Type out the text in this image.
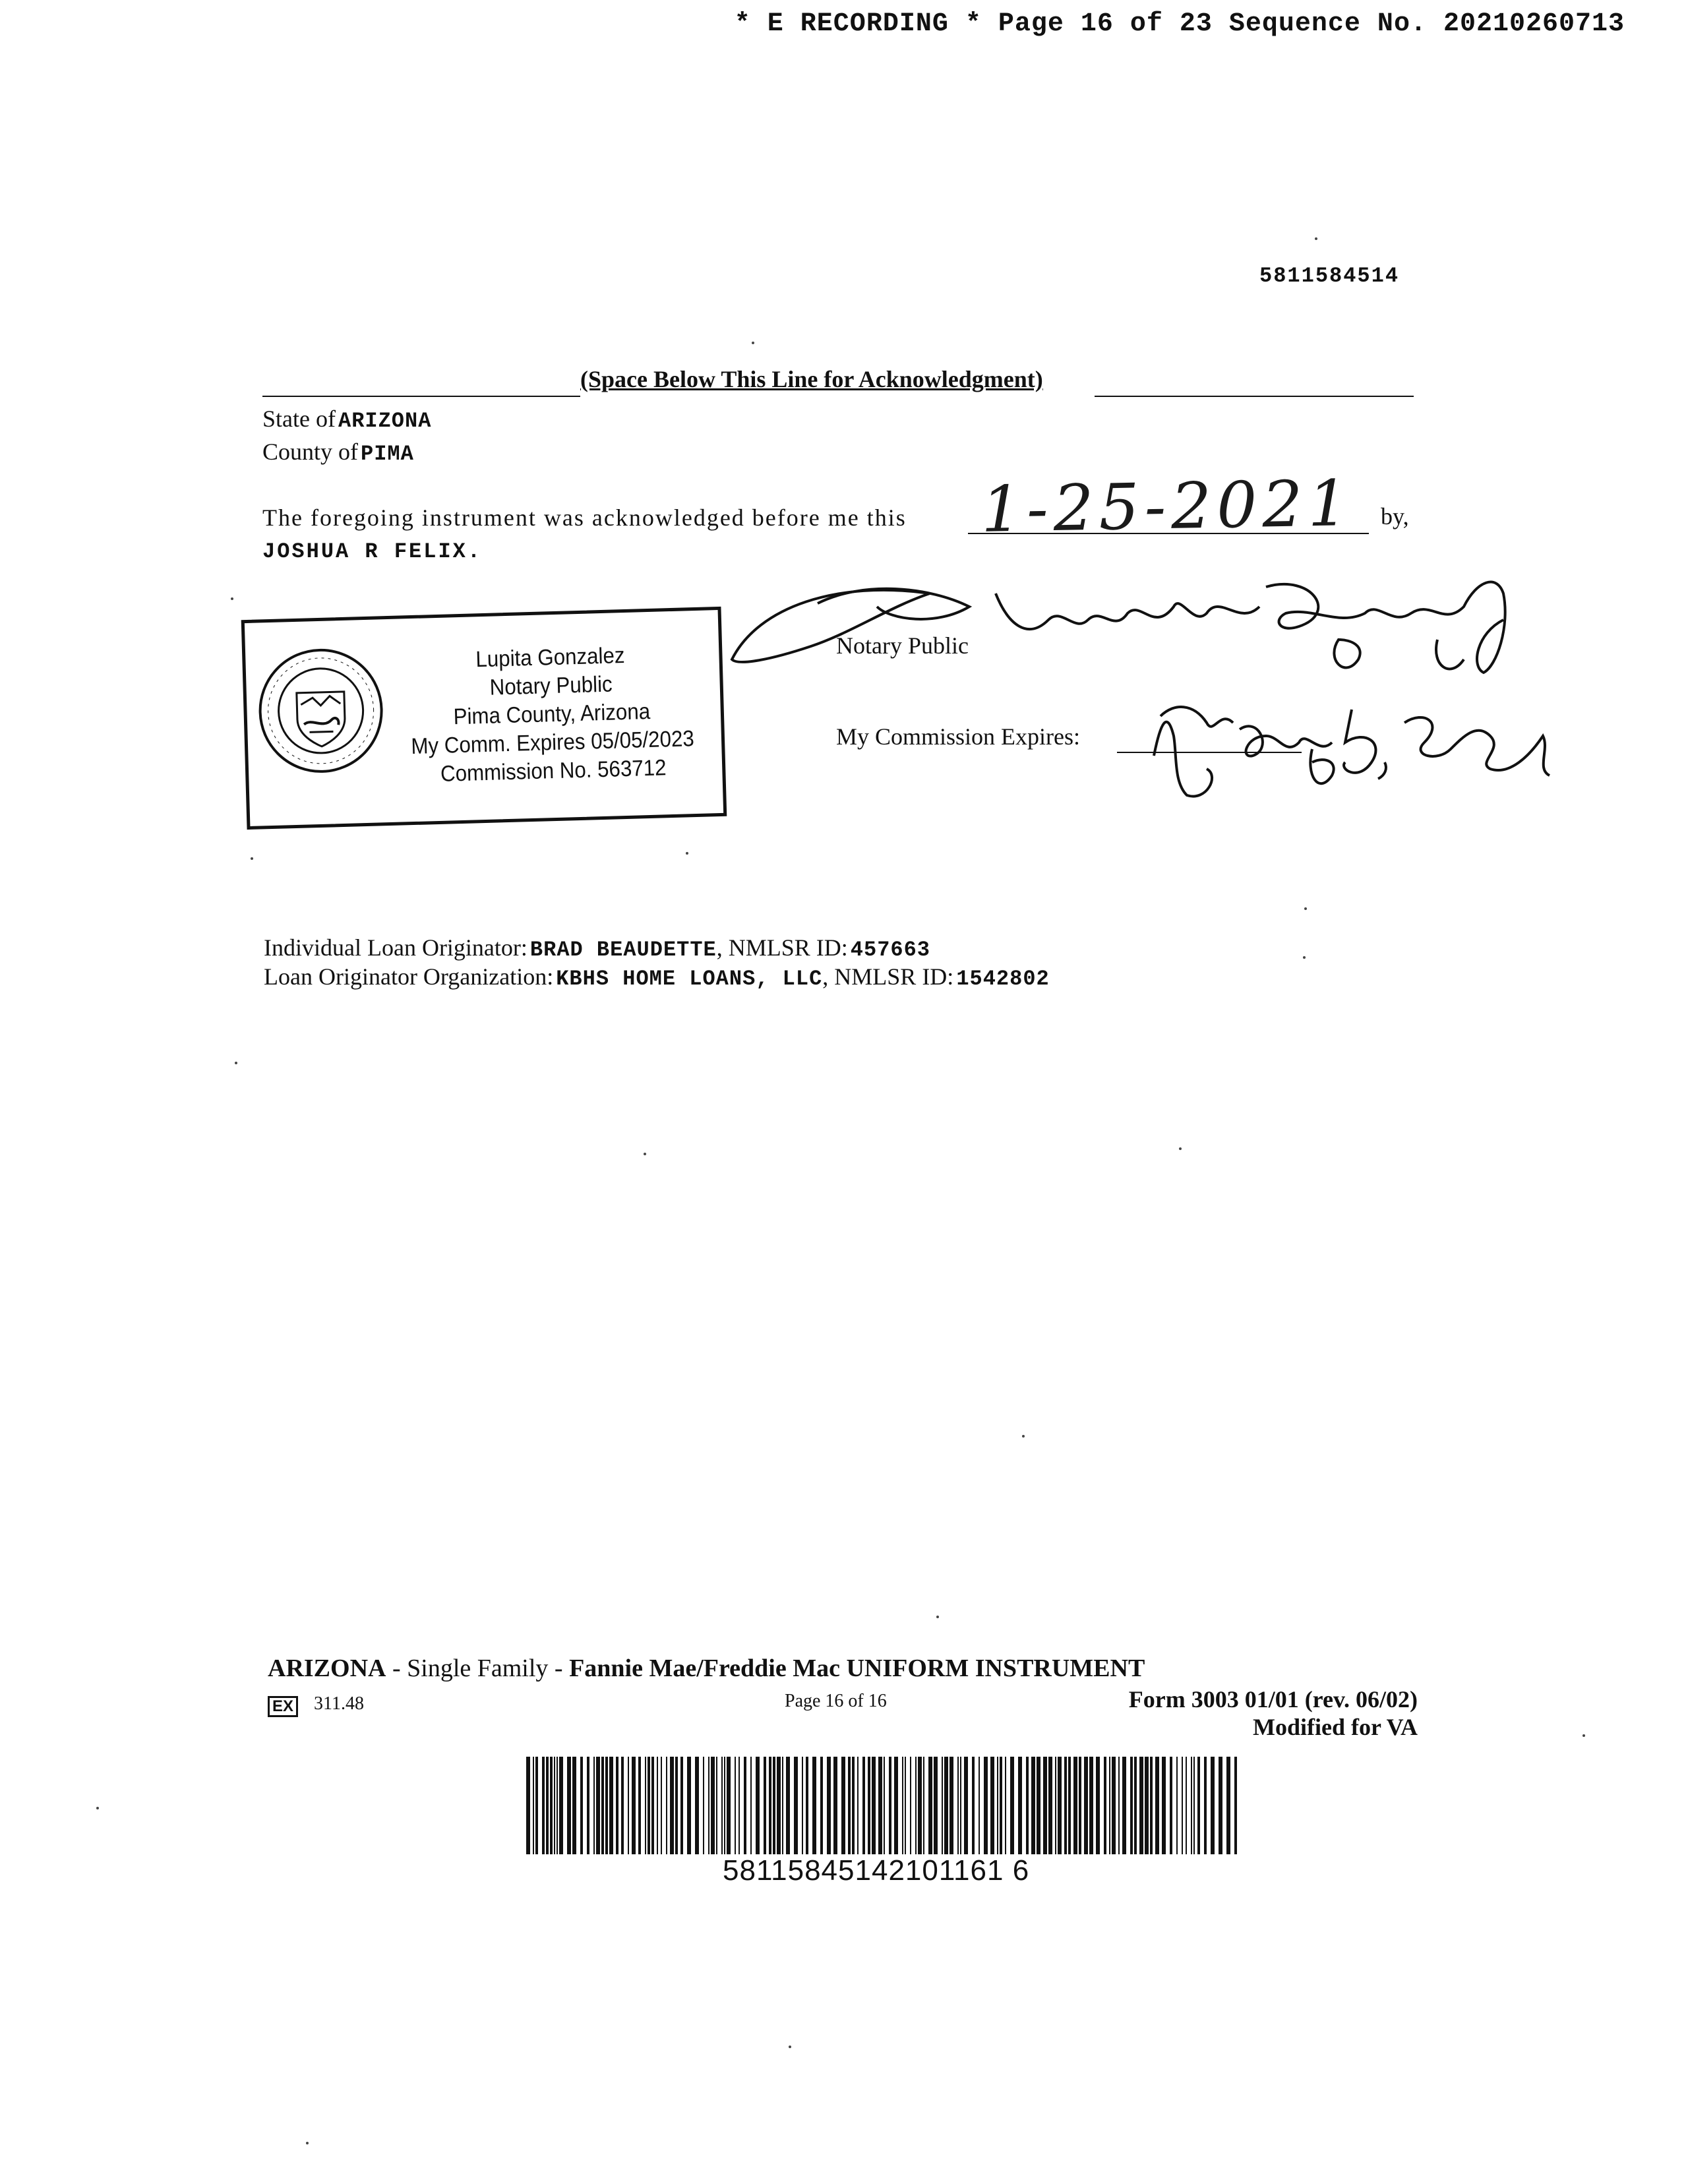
* E RECORDING * Page 16 of 23 Sequence No. 20210260713
5811584514
(Space Below This Line for Acknowledgment)
State of ARIZONA
County of PIMA
The foregoing instrument was acknowledged before me this 1-25-2021 by,
JOSHUA R FELIX.
Notary Public
My Commission Expires:
Lupita Gonzalez
Notary Public
Pima County, Arizona
My Comm. Expires 05/05/2023
Commission No. 563712
Individual Loan Originator: BRAD BEAUDETTE, NMLSR ID: 457663
Loan Originator Organization: KBHS HOME LOANS, LLC, NMLSR ID: 1542802
ARIZONA - Single Family - Fannie Mae/Freddie Mac UNIFORM INSTRUMENT
EX 311.48	Page 16 of 16	Form 3003 01/01 (rev. 06/02)
Modified for VA
58115845142101161 6
